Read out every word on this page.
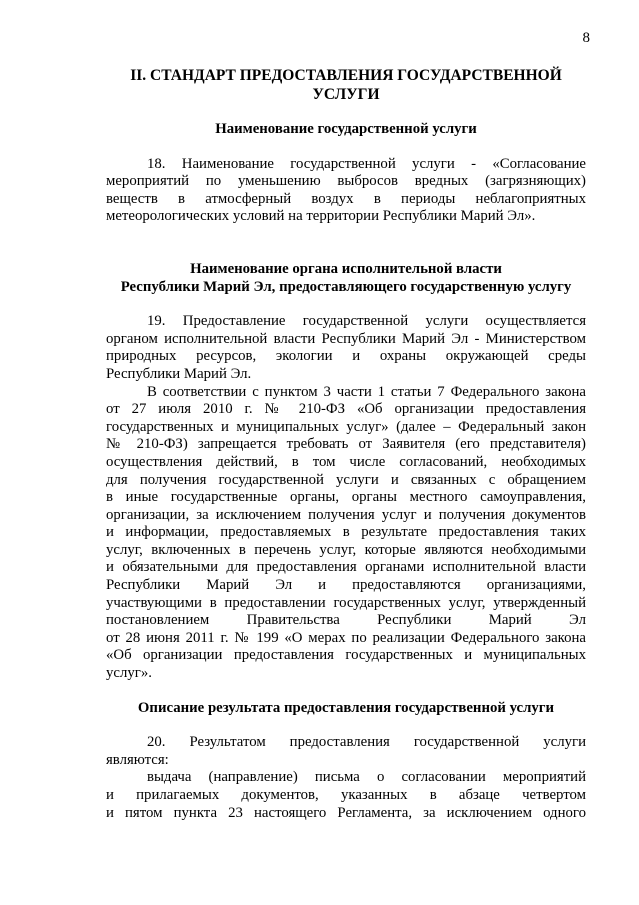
8
II. СТАНДАРТ ПРЕДОСТАВЛЕНИЯ ГОСУДАРСТВЕННОЙ
УСЛУГИ
Наименование государственной услуги
18. Наименование государственной услуги - «Согласование
мероприятий по уменьшению выбросов вредных (загрязняющих)
веществ в атмосферный воздух в периоды неблагоприятных
метеорологических условий на территории Республики Марий Эл».
Наименование органа исполнительной власти
Республики Марий Эл, предоставляющего государственную услугу
19. Предоставление государственной услуги осуществляется
органом исполнительной власти Республики Марий Эл - Министерством
природных ресурсов, экологии и охраны окружающей среды
Республики Марий Эл.
В соответствии с пунктом 3 части 1 статьи 7 Федерального закона
от 27 июля 2010 г. № 210-ФЗ «Об организации предоставления
государственных и муниципальных услуг» (далее – Федеральный закон
№ 210-ФЗ) запрещается требовать от Заявителя (его представителя)
осуществления действий, в том числе согласований, необходимых
для получения государственной услуги и связанных с обращением
в иные государственные органы, органы местного самоуправления,
организации, за исключением получения услуг и получения документов
и информации, предоставляемых в результате предоставления таких
услуг, включенных в перечень услуг, которые являются необходимыми
и обязательными для предоставления органами исполнительной власти
Республики Марий Эл и предоставляются организациями,
участвующими в предоставлении государственных услуг, утвержденный
постановлением Правительства Республики Марий Эл
от 28 июня 2011 г. № 199 «О мерах по реализации Федерального закона
«Об организации предоставления государственных и муниципальных
услуг».
Описание результата предоставления государственной услуги
20. Результатом предоставления государственной услуги
являются:
выдача (направление) письма о согласовании мероприятий
и прилагаемых документов, указанных в абзаце четвертом
и пятом пункта 23 настоящего Регламента, за исключением одного
